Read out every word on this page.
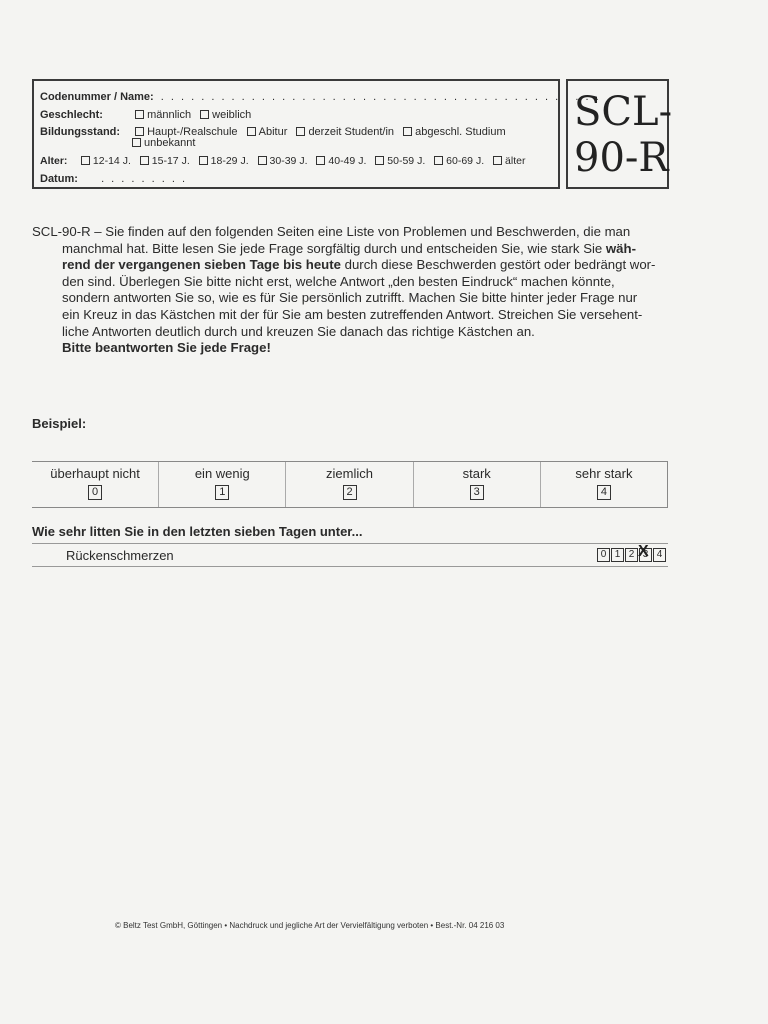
Codenummer / Name: . . . . . . . . . . . . . . . . . . . . . . . . . . . . . . . . . . . . . . . . . . . .
Geschlecht:	männlich weiblich
Bildungsstand: Haupt-/Realschule Abitur derzeit Student/in abgeschl. Studium
unbekannt
Alter: 12-14 J. 15-17 J. 18-29 J. 30-39 J. 40-49 J. 50-59 J. 60-69 J. älter
Datum: . . . . . . . . .
SCL-
90-R

SCL-90-R – Sie finden auf den folgenden Seiten eine Liste von Problemen und Beschwerden, die man

manchmal hat. Bitte lesen Sie jede Frage sorgfältig durch und entscheiden Sie, wie stark Sie wäh-

rend der vergangenen sieben Tage bis heute durch diese Beschwerden gestört oder bedrängt wor-

den sind. Überlegen Sie bitte nicht erst, welche Antwort „den besten Eindruck“ machen könnte,

sondern antworten Sie so, wie es für Sie persönlich zutrifft. Machen Sie bitte hinter jeder Frage nur

ein Kreuz in das Kästchen mit der für Sie am besten zutreffenden Antwort. Streichen Sie versehent-

liche Antworten deutlich durch und kreuzen Sie danach das richtige Kästchen an.

Bitte beantworten Sie jede Frage!

Beispiel:
überhaupt nicht
0
ein wenig
1
ziemlich
2
stark
3
sehr stark
4
Wie sehr litten Sie in den letzten sieben Tagen unter...
Rückenschmerzen	0 1 2 3 X 4
© Beltz Test GmbH, Göttingen • Nachdruck und jegliche Art der Vervielfältigung verboten • Best.-Nr. 04 216 03
